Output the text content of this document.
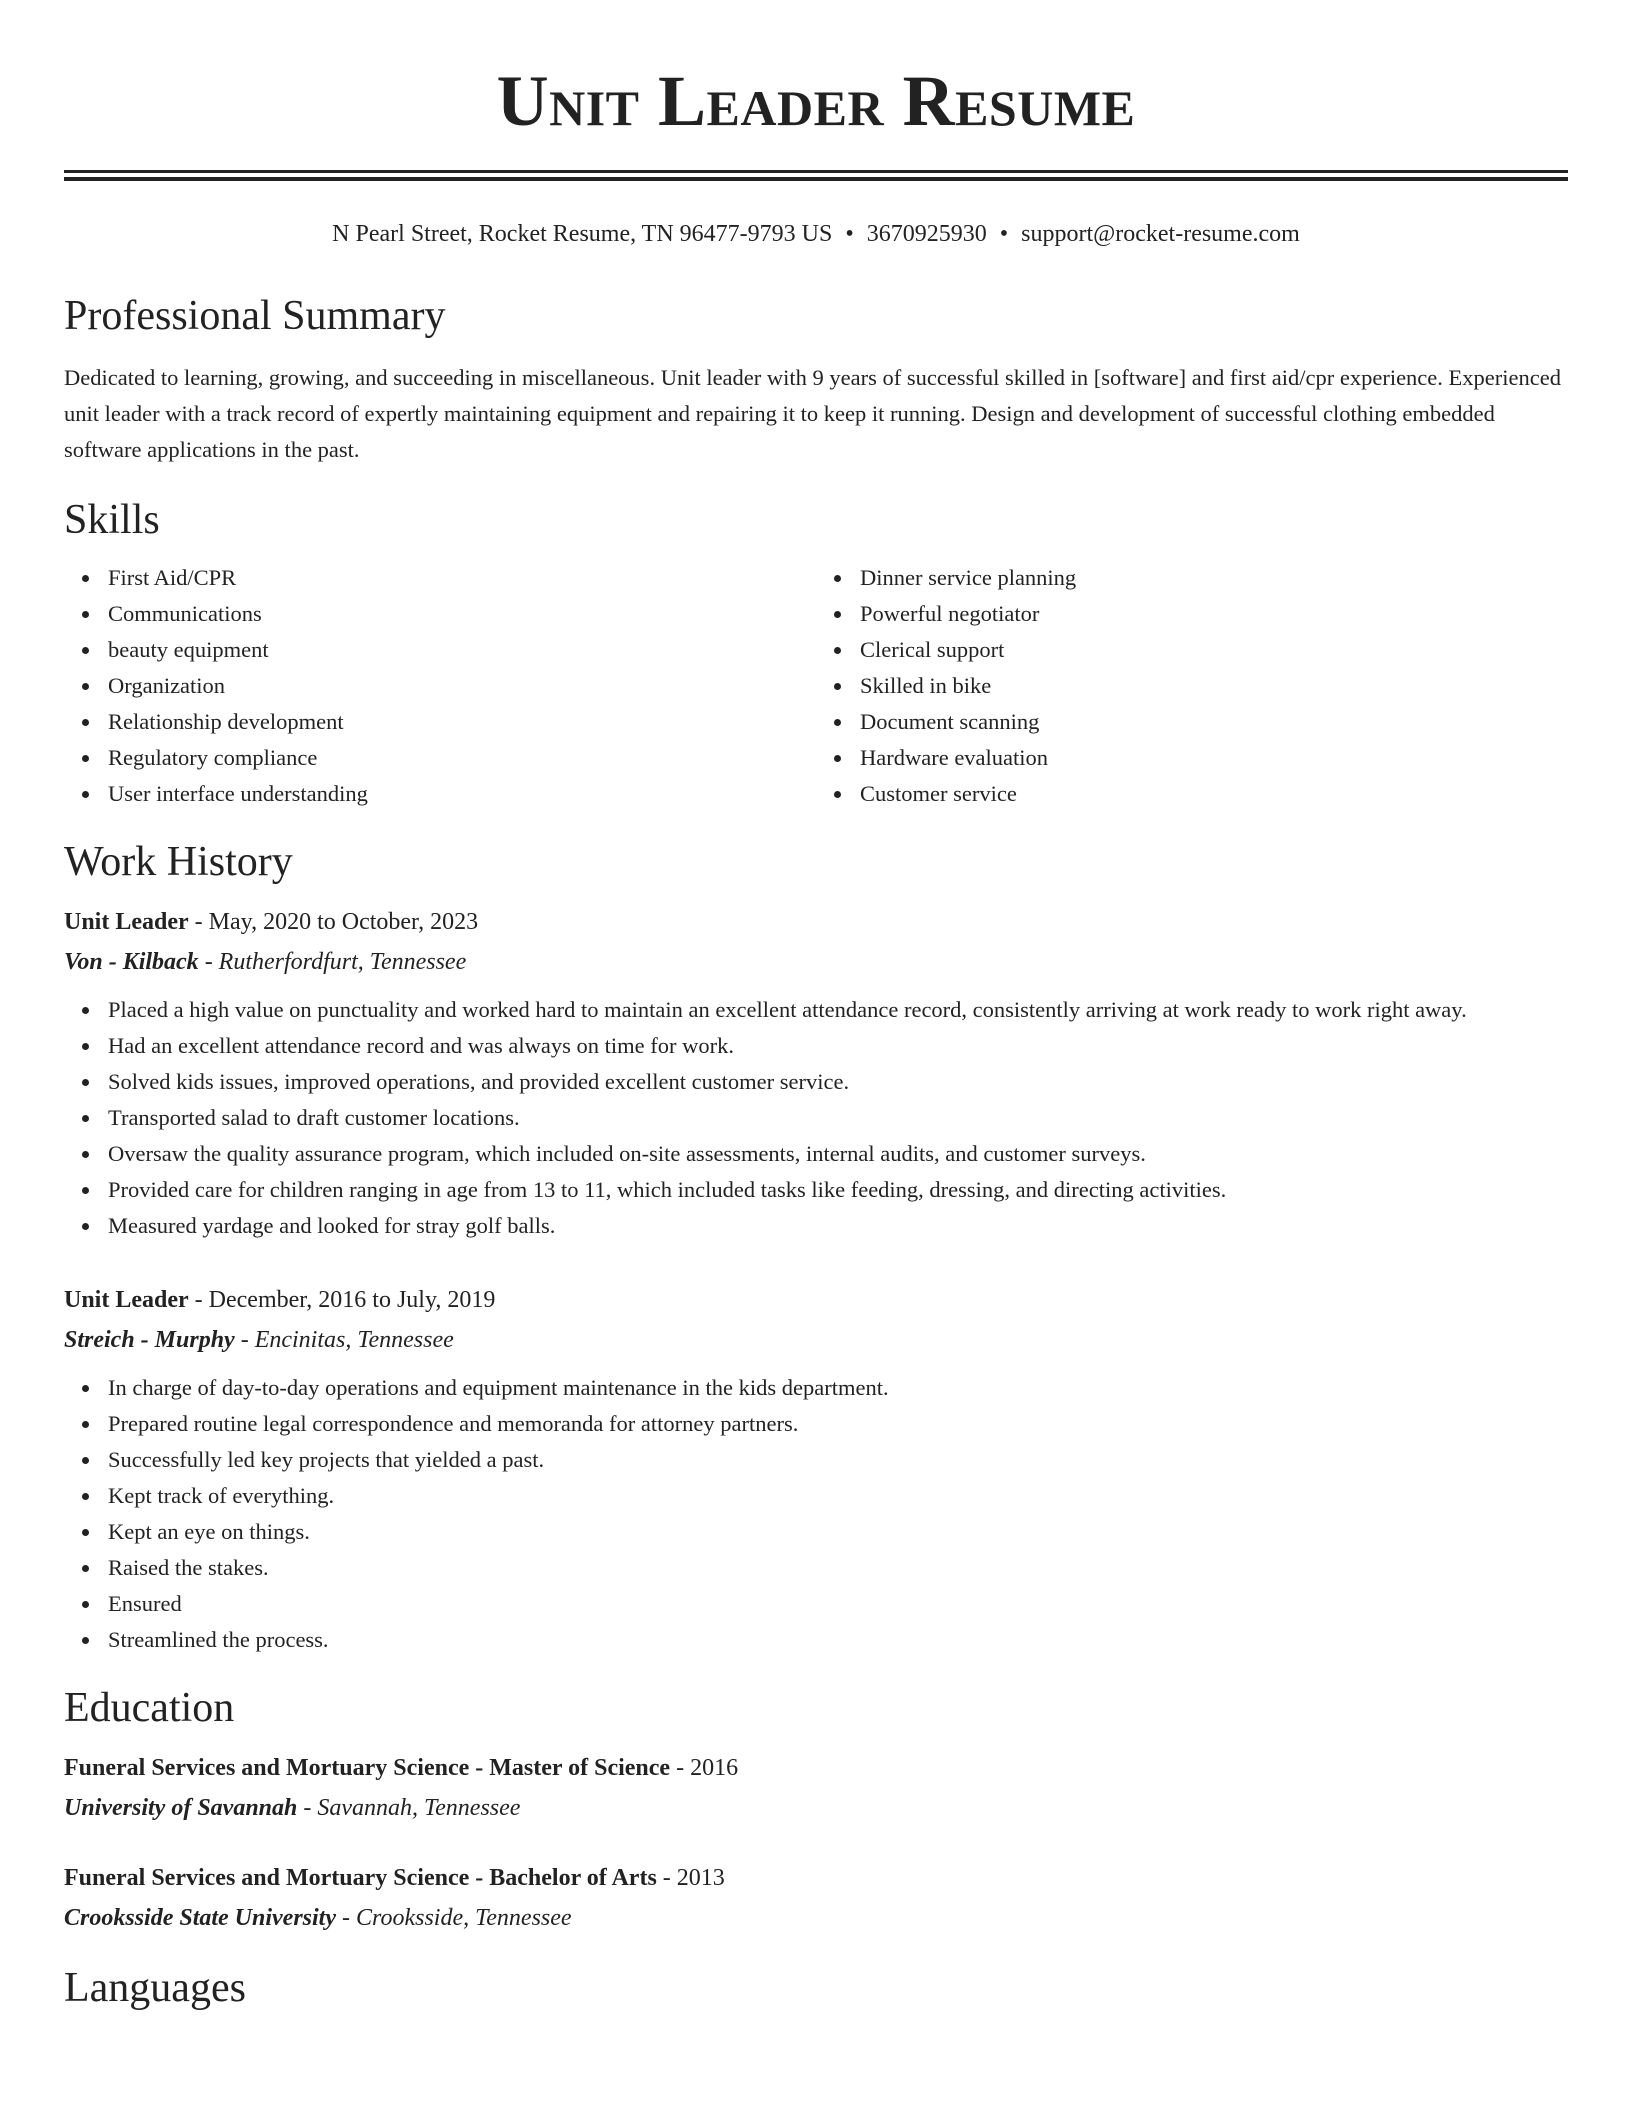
Unit Leader Resume
N Pearl Street, Rocket Resume, TN 96477-9793 US • 3670925930 • support@rocket-resume.com
Professional Summary
Dedicated to learning, growing, and succeeding in miscellaneous. Unit leader with 9 years of successful skilled in [software] and first aid/cpr experience. Experienced unit leader with a track record of expertly maintaining equipment and repairing it to keep it running. Design and development of successful clothing embedded software applications in the past.
Skills
First Aid/CPR
Communications
beauty equipment
Organization
Relationship development
Regulatory compliance
User interface understanding
Dinner service planning
Powerful negotiator
Clerical support
Skilled in bike
Document scanning
Hardware evaluation
Customer service
Work History
Unit Leader - May, 2020 to October, 2023
Von - Kilback - Rutherfordfurt, Tennessee
Placed a high value on punctuality and worked hard to maintain an excellent attendance record, consistently arriving at work ready to work right away.
Had an excellent attendance record and was always on time for work.
Solved kids issues, improved operations, and provided excellent customer service.
Transported salad to draft customer locations.
Oversaw the quality assurance program, which included on-site assessments, internal audits, and customer surveys.
Provided care for children ranging in age from 13 to 11, which included tasks like feeding, dressing, and directing activities.
Measured yardage and looked for stray golf balls.
Unit Leader - December, 2016 to July, 2019
Streich - Murphy - Encinitas, Tennessee
In charge of day-to-day operations and equipment maintenance in the kids department.
Prepared routine legal correspondence and memoranda for attorney partners.
Successfully led key projects that yielded a past.
Kept track of everything.
Kept an eye on things.
Raised the stakes.
Ensured
Streamlined the process.
Education
Funeral Services and Mortuary Science - Master of Science - 2016
University of Savannah - Savannah, Tennessee
Funeral Services and Mortuary Science - Bachelor of Arts - 2013
Crooksside State University - Crooksside, Tennessee
Languages
